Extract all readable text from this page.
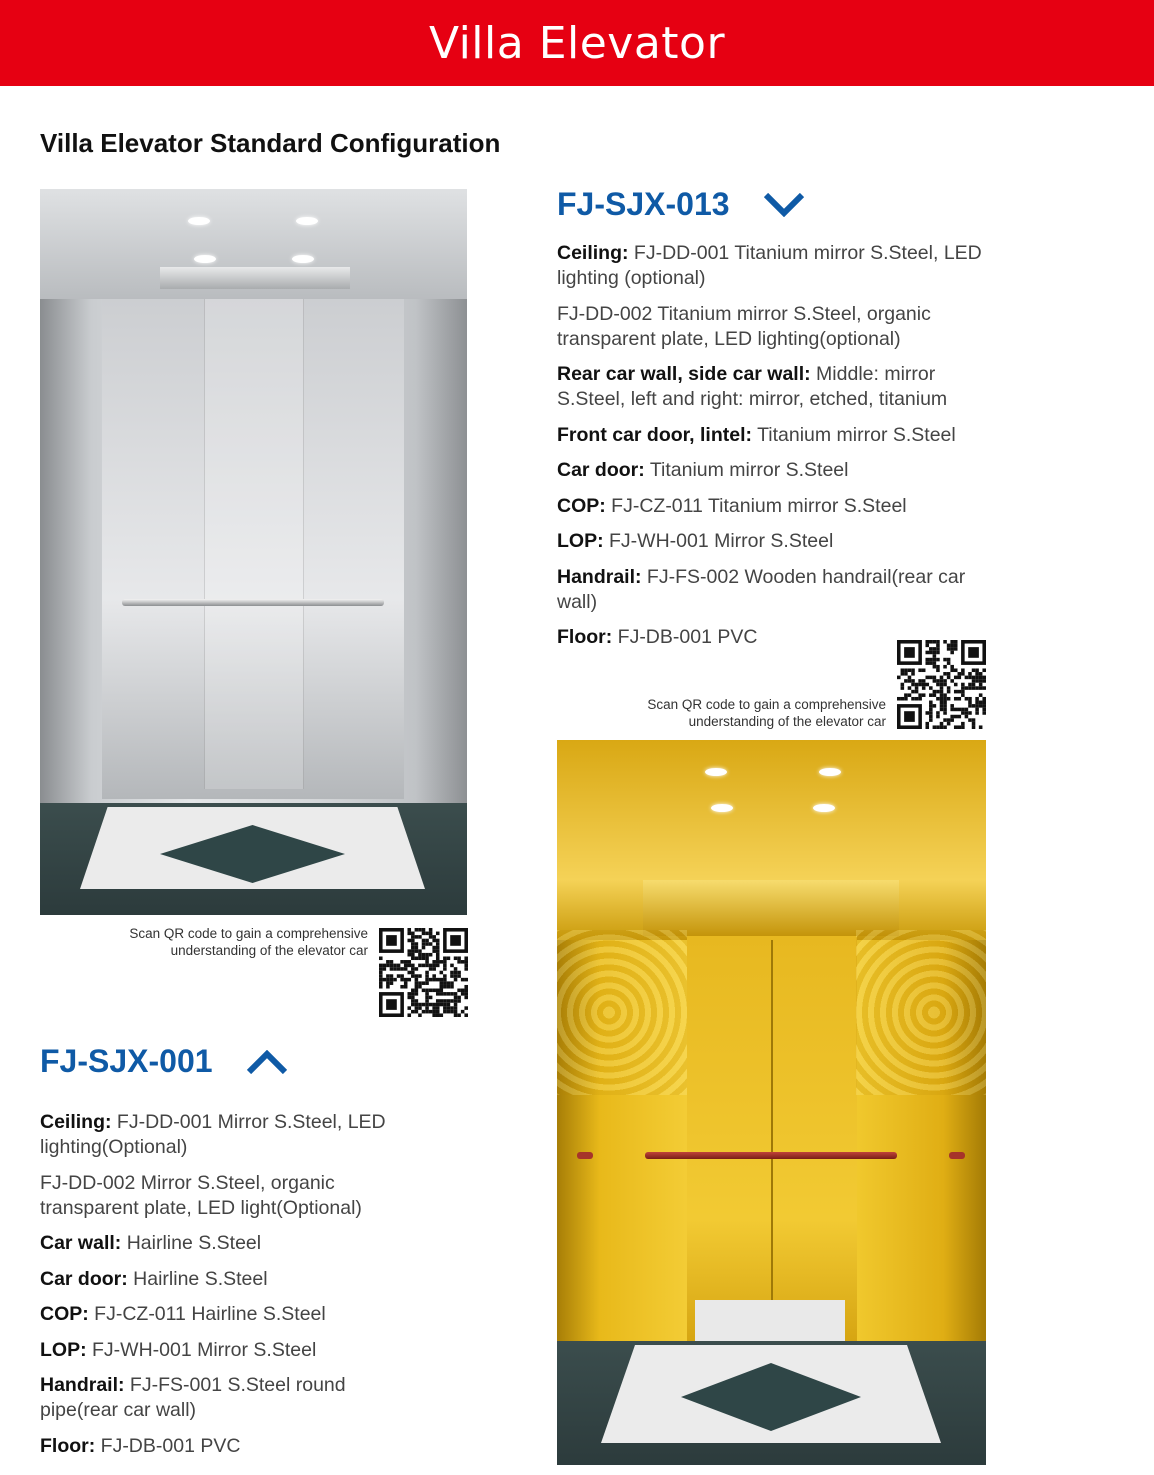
Villa Elevator
Villa Elevator Standard Configuration
Scan QR code to gain a comprehensive
understanding of the elevator car
FJ-SJX-001

Ceiling: FJ-DD-001 Mirror S.Steel, LED lighting(Optional)

FJ-DD-002 Mirror S.Steel, organic transparent plate, LED light(Optional)

Car wall: Hairline S.Steel

Car door: Hairline S.Steel

COP: FJ-CZ-011 Hairline S.Steel

LOP: FJ-WH-001 Mirror S.Steel

Handrail: FJ-FS-001 S.Steel round pipe(rear car wall)

Floor: FJ-DB-001 PVC

FJ-SJX-013

Ceiling: FJ-DD-001 Titanium mirror S.Steel, LED lighting (optional)

FJ-DD-002 Titanium mirror S.Steel, organic transparent plate, LED lighting(optional)

Rear car wall, side car wall: Middle: mirror S.Steel, left and right: mirror, etched, titanium

Front car door, lintel: Titanium mirror S.Steel

Car door: Titanium mirror S.Steel

COP: FJ-CZ-011 Titanium mirror S.Steel

LOP: FJ-WH-001 Mirror S.Steel

Handrail: FJ-FS-002 Wooden handrail(rear car wall)

Floor: FJ-DB-001 PVC

Scan QR code to gain a comprehensive
understanding of the elevator car
